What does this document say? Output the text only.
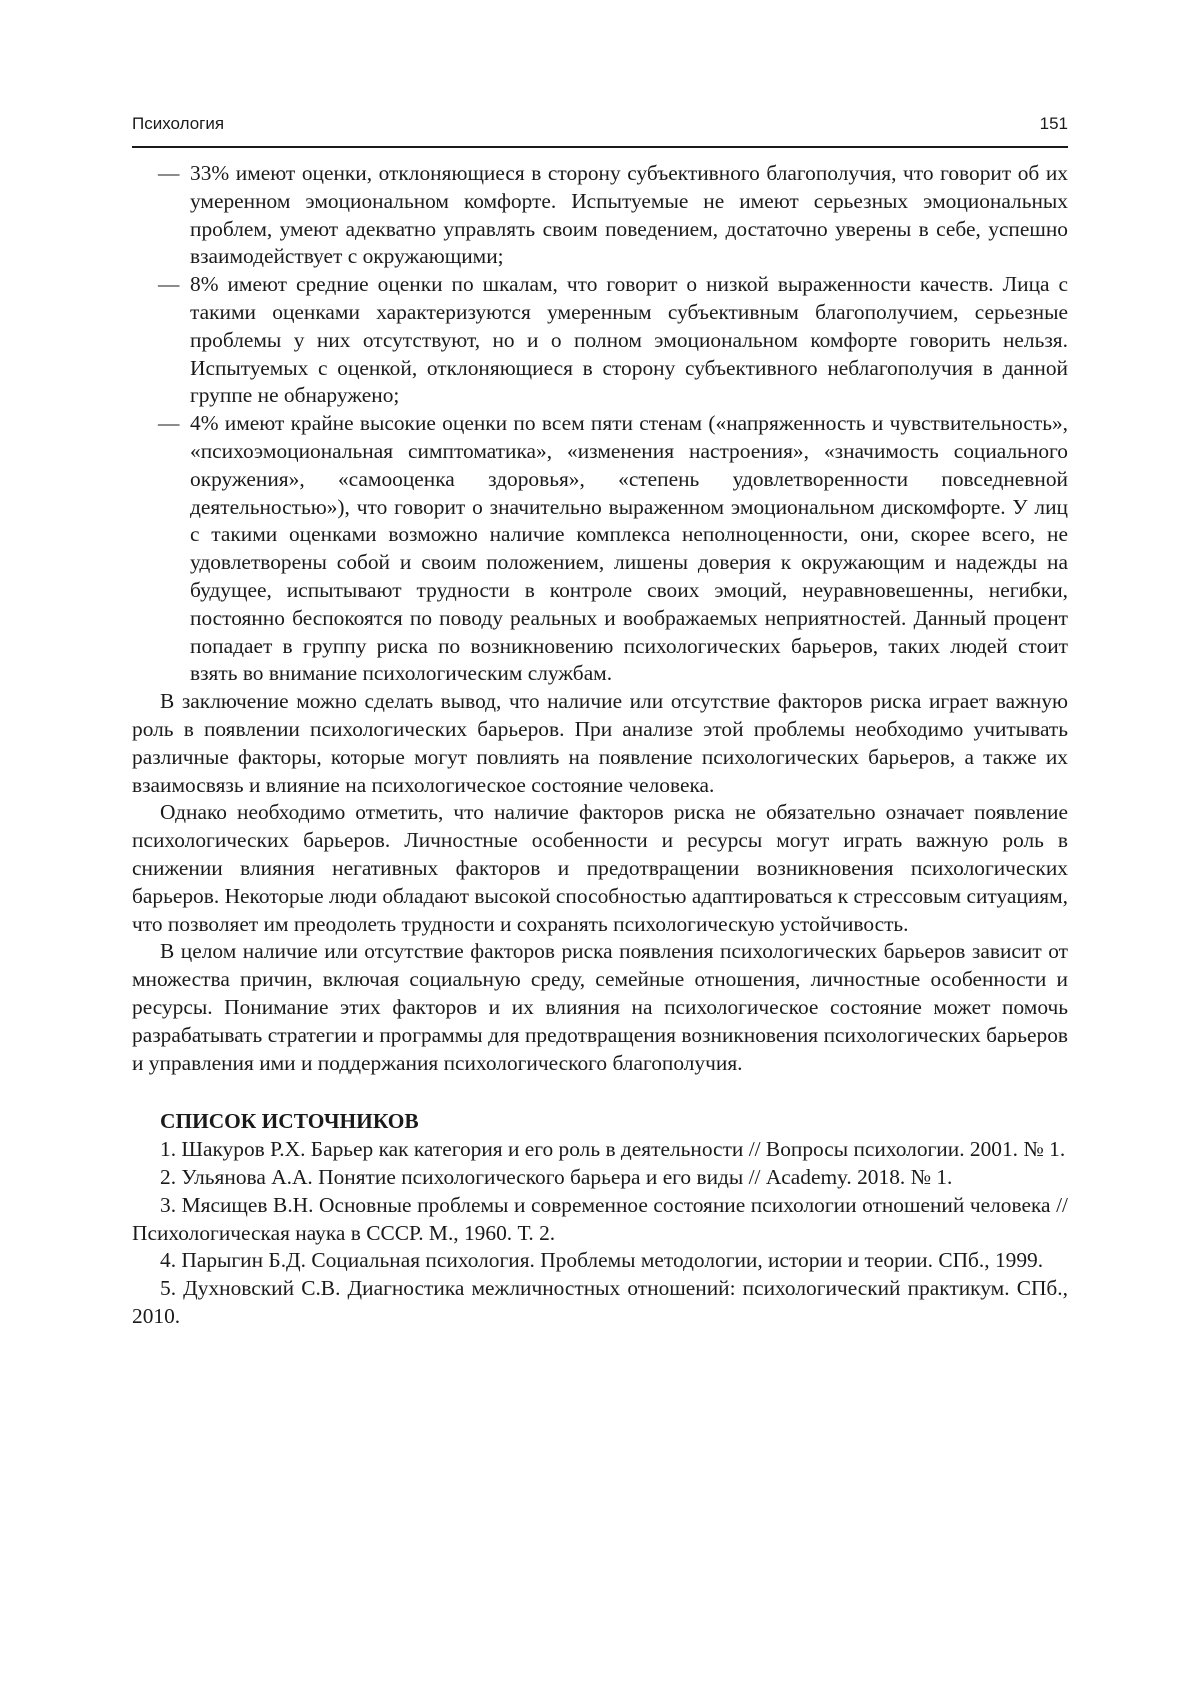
Психология	151
— 33% имеют оценки, отклоняющиеся в сторону субъективного благополучия, что говорит об их умеренном эмоциональном комфорте. Испытуемые не имеют серьезных эмоциональных проблем, умеют адекватно управлять своим поведением, достаточно уверены в себе, успешно взаимодействует с окружающими;
— 8% имеют средние оценки по шкалам, что говорит о низкой выраженности качеств. Лица с такими оценками характеризуются умеренным субъективным благополучием, серьезные проблемы у них отсутствуют, но и о полном эмоциональном комфорте говорить нельзя. Испытуемых с оценкой, отклоняющиеся в сторону субъективного неблагополучия в данной группе не обнаружено;
— 4% имеют крайне высокие оценки по всем пяти стенам («напряженность и чувствительность», «психоэмоциональная симптоматика», «изменения настроения», «значимость социального окружения», «самооценка здоровья», «степень удовлетворенности повседневной деятельностью»), что говорит о значительно выраженном эмоциональном дискомфорте. У лиц с такими оценками возможно наличие комплекса неполноценности, они, скорее всего, не удовлетворены собой и своим положением, лишены доверия к окружающим и надежды на будущее, испытывают трудности в контроле своих эмоций, неуравновешенны, негибки, постоянно беспокоятся по поводу реальных и воображаемых неприятностей. Данный процент попадает в группу риска по возникновению психологических барьеров, таких людей стоит взять во внимание психологическим службам.

В заключение можно сделать вывод, что наличие или отсутствие факторов риска играет важную роль в появлении психологических барьеров. При анализе этой проблемы необходимо учитывать различные факторы, которые могут повлиять на появление психологических барьеров, а также их взаимосвязь и влияние на психологическое состояние человека.

Однако необходимо отметить, что наличие факторов риска не обязательно означает появление психологических барьеров. Личностные особенности и ресурсы могут играть важную роль в снижении влияния негативных факторов и предотвращении возникновения психологических барьеров. Некоторые люди обладают высокой способностью адаптироваться к стрессовым ситуациям, что позволяет им преодолеть трудности и сохранять психологическую устойчивость.

В целом наличие или отсутствие факторов риска появления психологических барьеров зависит от множества причин, включая социальную среду, семейные отношения, личностные особенности и ресурсы. Понимание этих факторов и их влияния на психологическое состояние может помочь разрабатывать стратегии и программы для предотвращения возникновения психологических барьеров и управления ими и поддержания психологического благополучия.

СПИСОК ИСТОЧНИКОВ
1. Шакуров Р.Х. Барьер как категория и его роль в деятельности // Вопросы психологии. 2001. № 1.
2. Ульянова А.А. Понятие психологического барьера и его виды // Academy. 2018. № 1.
3. Мясищев В.Н. Основные проблемы и современное состояние психологии отношений человека // Психологическая наука в СССР. М., 1960. Т. 2.
4. Парыгин Б.Д. Социальная психология. Проблемы методологии, истории и теории. СПб., 1999.
5. Духновский С.В. Диагностика межличностных отношений: психологический практикум. СПб., 2010.
